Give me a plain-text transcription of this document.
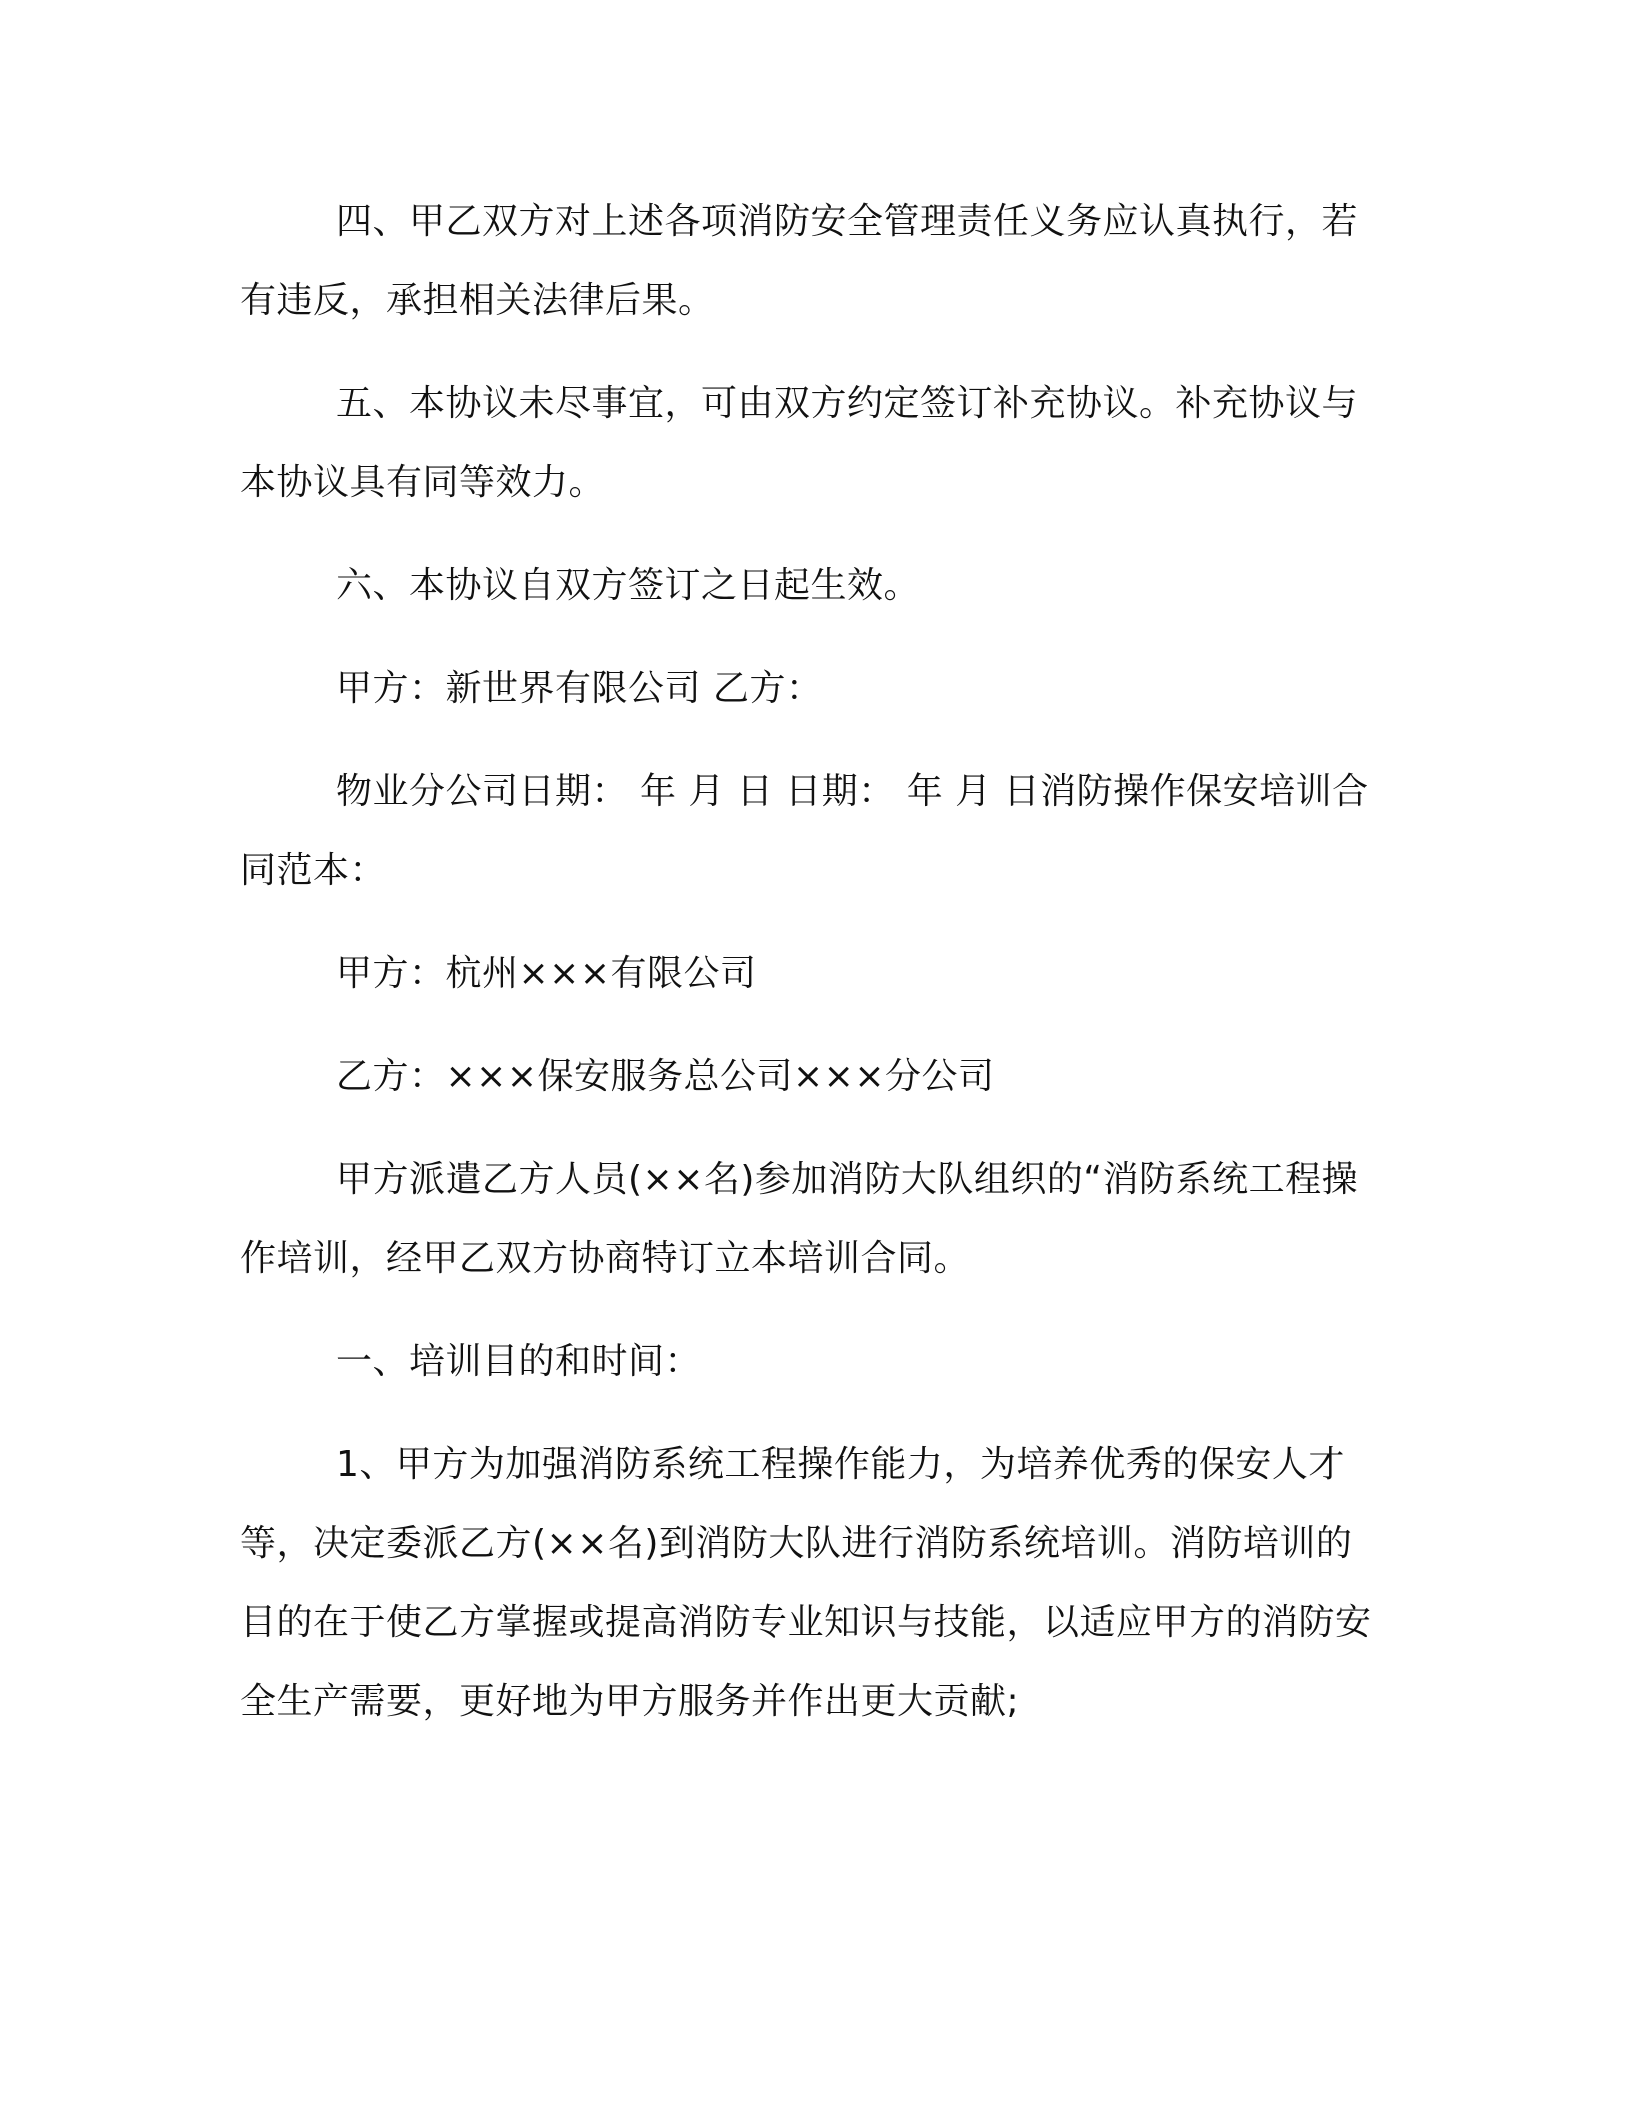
四、甲乙双方对上述各项消防安全管理责任义务应认真执行，若有违反，承担相关法律后果。

五、本协议未尽事宜，可由双方约定签订补充协议。补充协议与本协议具有同等效力。

六、本协议自双方签订之日起生效。

甲方：新世界有限公司 乙方：

物业分公司日期： 年 月 日 日期： 年 月 日消防操作保安培训合同范本：

甲方：杭州×××有限公司

乙方：×××保安服务总公司×××分公司

甲方派遣乙方人员(××名)参加消防大队组织的“消防系统工程操作培训，经甲乙双方协商特订立本培训合同。

一、培训目的和时间：

1、甲方为加强消防系统工程操作能力，为培养优秀的保安人才等，决定委派乙方(××名)到消防大队进行消防系统培训。消防培训的目的在于使乙方掌握或提高消防专业知识与技能，以适应甲方的消防安全生产需要，更好地为甲方服务并作出更大贡献;
